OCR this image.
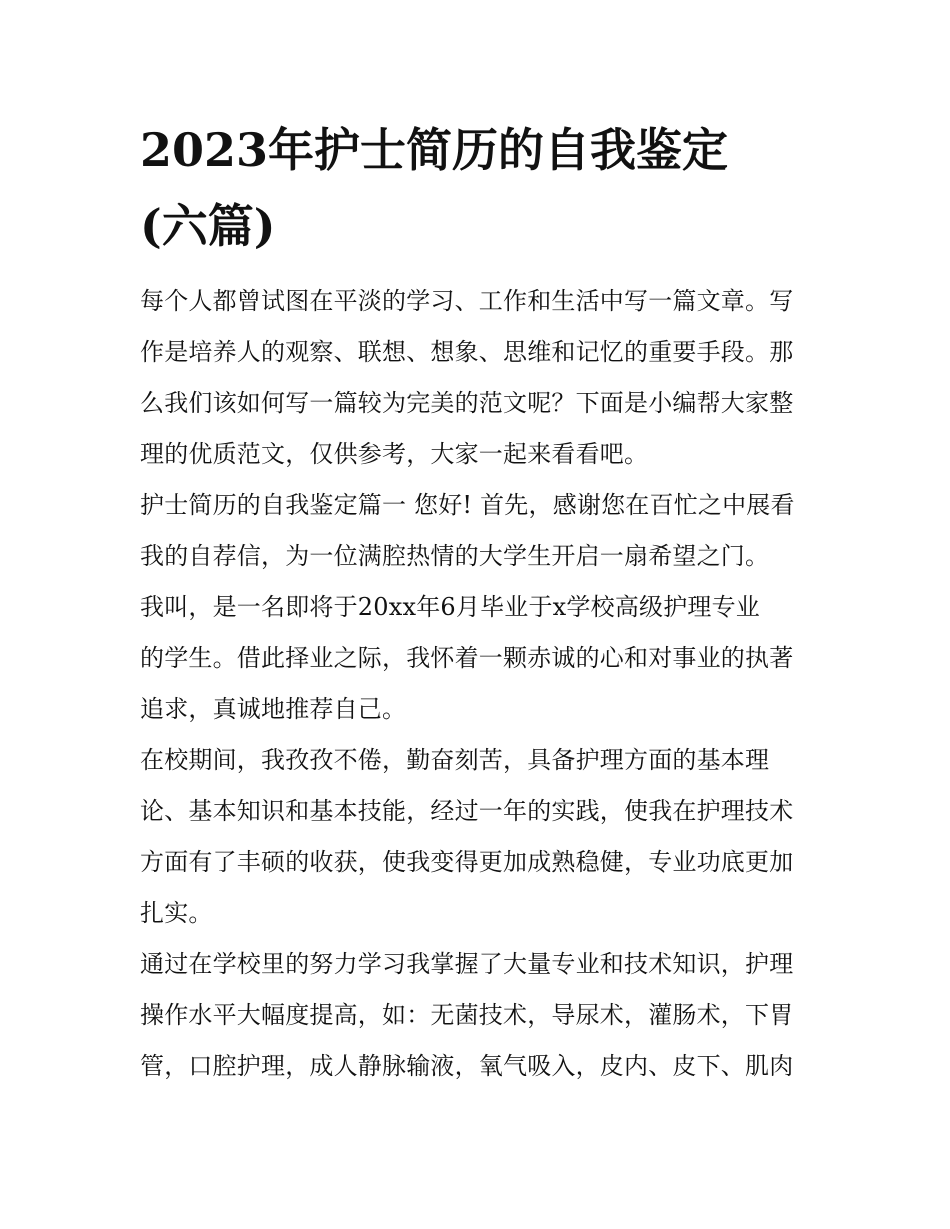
2023年护士简历的自我鉴定
(六篇)
每个人都曾试图在平淡的学习、工作和生活中写一篇文章。写
作是培养人的观察、联想、想象、思维和记忆的重要手段。那
么我们该如何写一篇较为完美的范文呢？下面是小编帮大家整
理的优质范文，仅供参考，大家一起来看看吧。
护士简历的自我鉴定篇一 您好! 首先，感谢您在百忙之中展看
我的自荐信，为一位满腔热情的大学生开启一扇希望之门。
我叫，是一名即将于20xx年6月毕业于x学校高级护理专业
的学生。借此择业之际，我怀着一颗赤诚的心和对事业的执著
追求，真诚地推荐自己。
在校期间，我孜孜不倦，勤奋刻苦，具备护理方面的基本理
论、基本知识和基本技能，经过一年的实践，使我在护理技术
方面有了丰硕的收获，使我变得更加成熟稳健，专业功底更加
扎实。
通过在学校里的努力学习我掌握了大量专业和技术知识，护理
操作水平大幅度提高，如：无菌技术，导尿术，灌肠术，下胃
管，口腔护理，成人静脉输液，氧气吸入，皮内、皮下、肌肉
